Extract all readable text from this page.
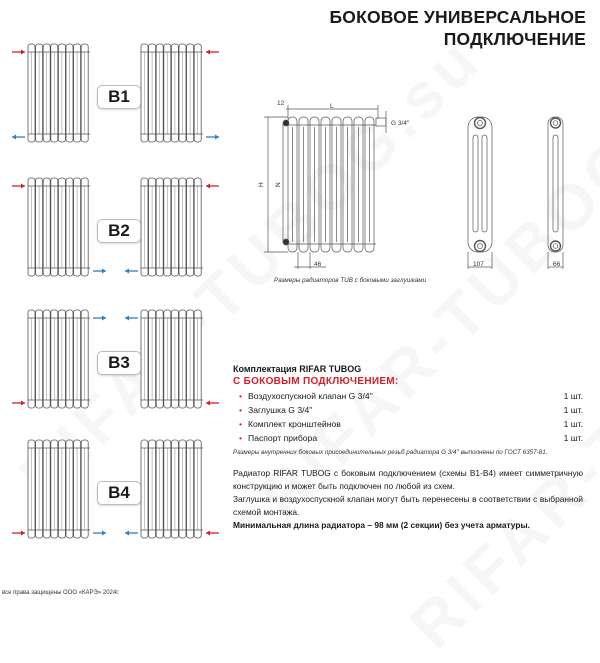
БОКОВОЕ УНИВЕРСАЛЬНОЕ
ПОДКЛЮЧЕНИЕ
B1
B2
B3
B4
12	L
G 3/4''
H N
46	107	66
Размеры радиаторов TUB с боковыми заглушками
Комплектация RIFAR TUBOG
С БОКОВЫМ ПОДКЛЮЧЕНИЕМ:
• Воздухоспускной клапан G 3/4''	1 шт.
• Заглушка G 3/4''	1 шт.
• Комплект кронштейнов	1 шт.
• Паспорт прибора	1 шт.
Размеры внутренних боковых присоединительных резьб радиатора G 3/4'' выполнены по ГОСТ 6357-81.
Радиатор RIFAR TUBOG с боковым подключением (схемы B1-B4) имеет симметричную конструкцию и может быть подключен по любой из схем.
Заглушка и воздухоспускной клапан могут быть перенесены в соответствии с выбранной схемой монтажа.
Минимальная длина радиатора – 98 мм (2 секции) без учета арматуры.
все права защищены ООО «КАРЭ» 2024г.
